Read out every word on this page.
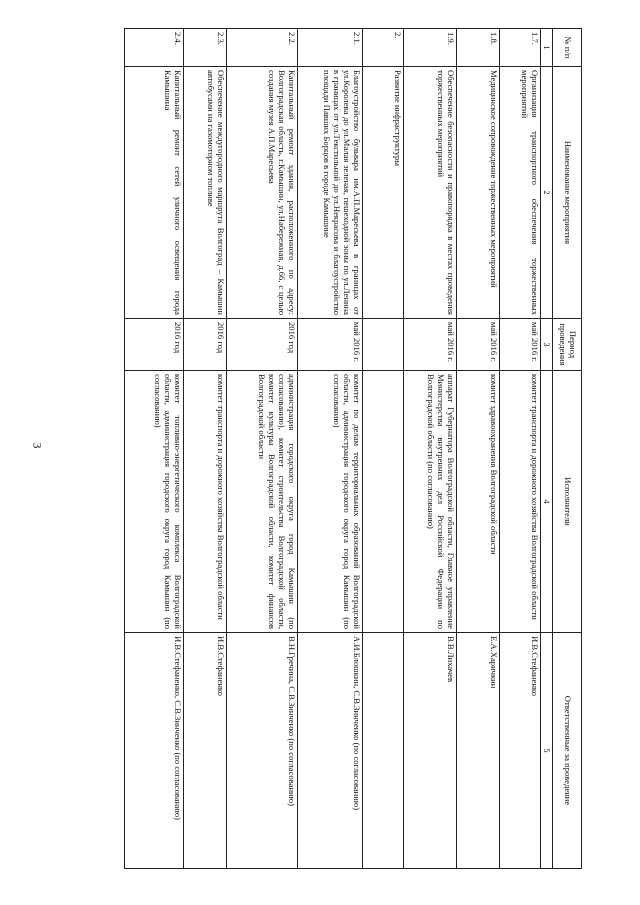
3
№ п/п	Наименование мероприятия	Период проведения	Исполнители	Ответственные за проведение
1	2	3	4	5
1.7.	Организация транспортного обеспечения торжественных мероприятий	май 2016 г.	комитет транспорта и дорожного хозяйства Волгоградской области	И.В.Стефаненко
1.8.	Медицинское сопровождение торжественных мероприятий	май 2016 г.	комитет здравоохранения Волгоградской области	Е.А.Харичкин
1.9.	Обеспечение безопасности и правопорядка в местах проведения торжественных мероприятий	май 2016 г.	аппарат Губернатора Волгоградской области, Главное управление Министерства внутренних дел Российской Федерации по Волгоградской области (по согласованию)	В.В.Лихачев
2.	Развитие инфраструктуры			
2.1.	Благоустройство бульвара им.А.П.Маресьева в границах от ул.Королева до ул.Малая зеленая, пешеходной зоны по ул.Ленина в границах от ул.Текстильной до ул.Некрасова и благоустройство площади Павших Борцов в городе Камышине	май 2016 г.	комитет по делам территориальных образований Волгоградской области, администрация городского округа город Камышин (по согласованию)	А.И.Блошкин, С.В.Зинченко (по согласованию)
2.2.	Капитальный ремонт здания, расположенного по адресу: Волгоградская область, г.Камышин, ул.Набережная, д.66, с целью создания музея А.П.Маресьева	2016 год	администрация городского округа город Камышин (по согласованию), комитет строительства Волгоградской области, комитет культуры Волгоградской области, комитет финансов Волгоградской области	В.Н.Гречина, С.В.Зинченко (по согласованию)
2.3.	Обеспечение междугородного маршрута Волгоград – Камышин автобусами на газомоторном топливе	2016 год	комитет транспорта и дорожного хозяйства Волгоградской области	И.В.Стефаненко
2.4.	Капитальный ремонт сетей уличного освещения города Камышина	2016 год	комитет топливно-энергетического комплекса Волгоградской области, администрация городского округа город Камышин (по согласованию)	И.В.Стефаненко, С.В.Зинченко (по согласованию)
